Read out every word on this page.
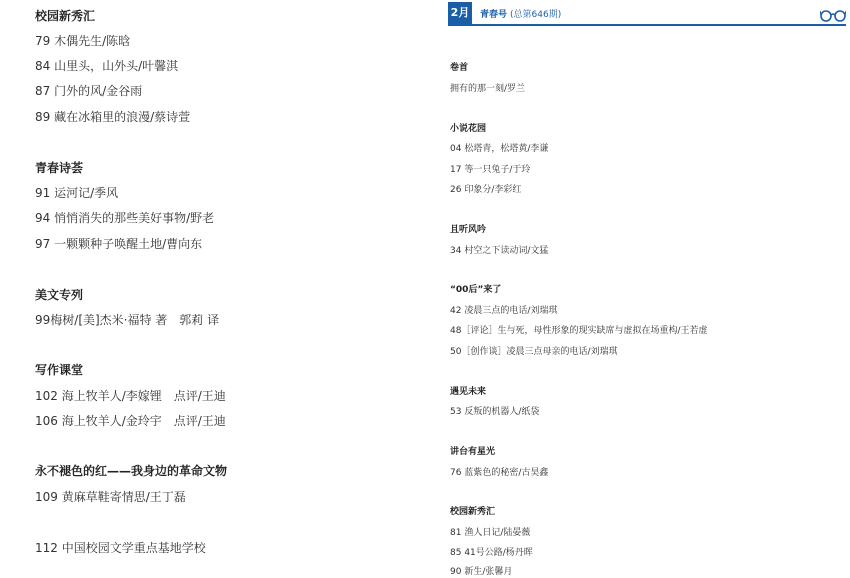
校园新秀汇
79 木偶先生/陈晗
84 山里头，山外头/叶馨淇
87 门外的风/金谷雨
89 藏在冰箱里的浪漫/蔡诗萱
青春诗荟
91 运河记/季风
94 悄悄消失的那些美好事物/野老
97 一颗颗种子唤醒土地/曹向东
美文专列
99梅树/[美]杰米·福特 著　郭莉 译
写作课堂
102 海上牧羊人/李嫁锂　点评/王迪
106 海上牧羊人/金玲宇　点评/王迪
永不褪色的红——我身边的革命文物
109 黄麻草鞋寄情思/王丁磊
112 中国校园文学重点基地学校
2月 青春号 (总第646期)
卷首
拥有的那一刻/罗兰
小说花园
04 松塔青，松塔黄/李谦
17 等一只兔子/于玲
26 印象分/李彩红
且听风吟
34 村空之下读动词/文猛
“00后”来了
42 凌晨三点的电话/刘瑞琪
48［评论］生与死，母性形象的现实缺席与虚拟在场重构/王若虚
50［创作谈］凌晨三点母亲的电话/刘瑞琪
遇见未来
53 反叛的机器人/纸袋
讲台有星光
76 蓝紫色的秘密/古昊鑫
校园新秀汇
81 渔人日记/陆晏薇
85 41号公路/杨丹晖
90 新生/张馨月
